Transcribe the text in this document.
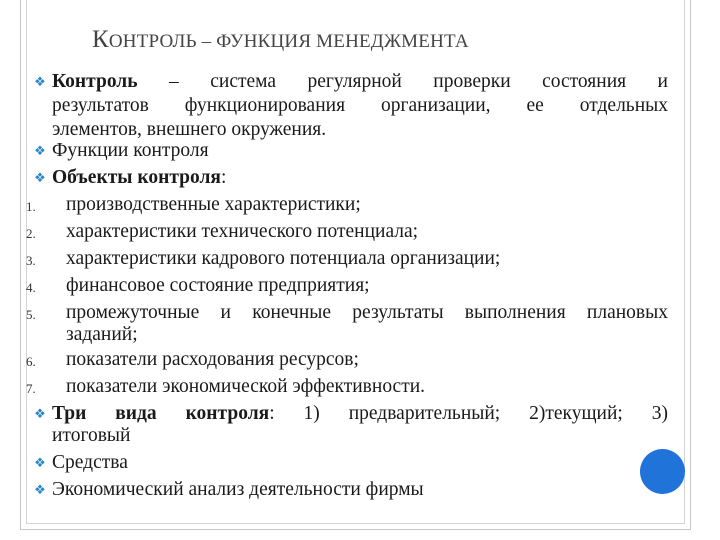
КОНТРОЛЬ – ФУНКЦИЯ МЕНЕДЖМЕНТА
❖ Контроль – система регулярной проверки состояния и
результатов функционирования организации, ее отдельных
элементов, внешнего окружения.
❖ Функции контроля
❖ Объекты контроля:
1.	производственные характеристики;
2.	характеристики технического потенциала;
3.	характеристики кадрового потенциала организации;
4.	финансовое состояние предприятия;
5.	промежуточные и конечные результаты выполнения плановых
заданий;
6.	показатели расходования ресурсов;
7.	показатели экономической эффективности.
❖ Три вида контроля: 1) предварительный; 2)текущий; 3)
итоговый
❖ Средства
❖ Экономический анализ деятельности фирмы
